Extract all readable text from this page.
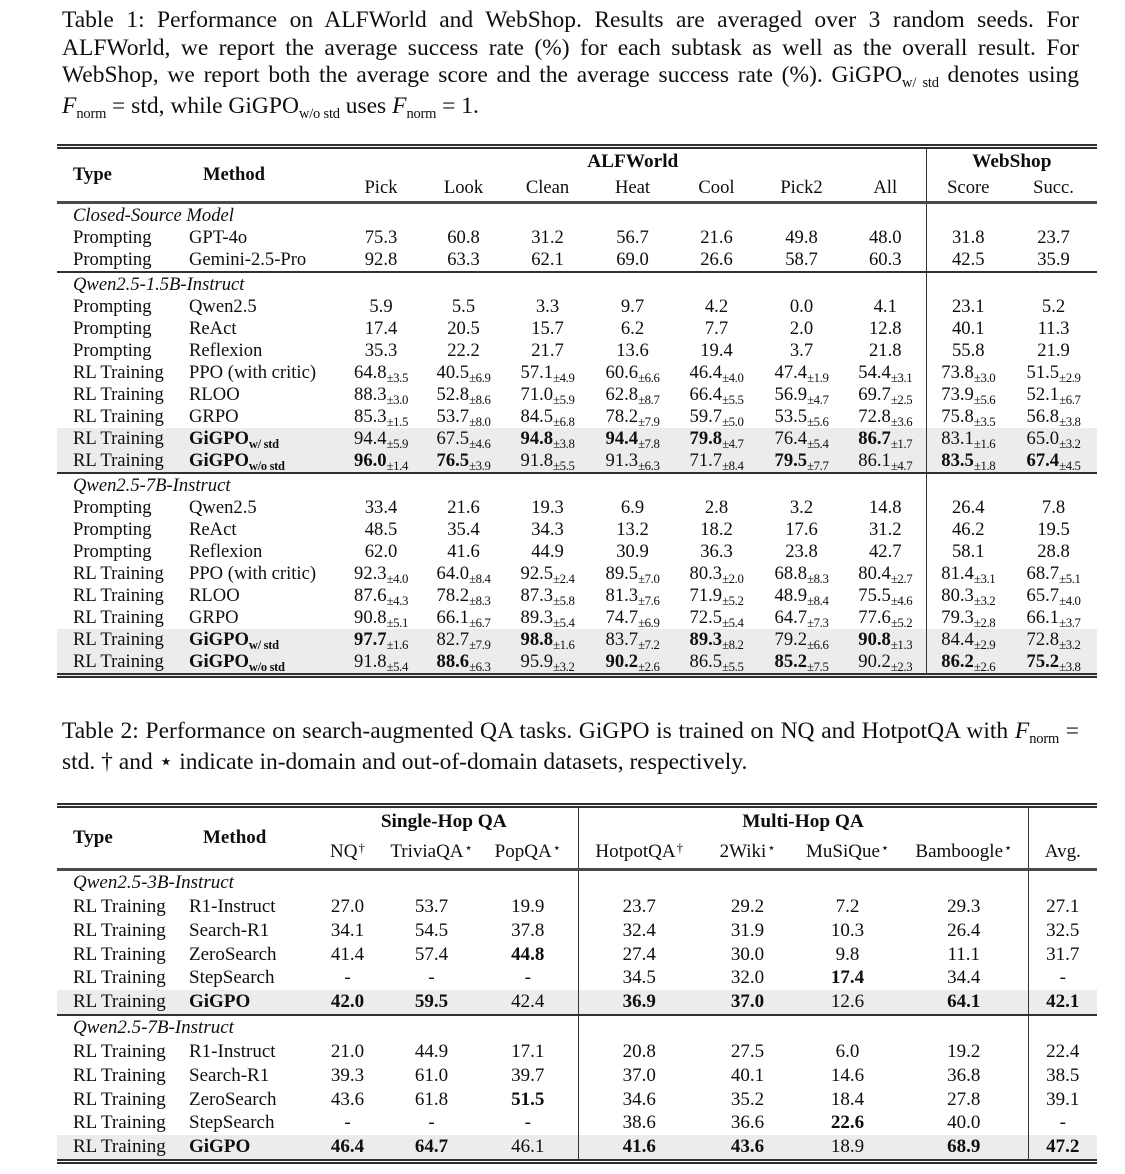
Table 1: Performance on ALFWorld and WebShop. Results are averaged over 3 random seeds. For ALFWorld, we report the average success rate (%) for each subtask as well as the overall result. For WebShop, we report both the average score and the average success rate (%). GiGPO$_{w/ std}$ denotes using $F_{norm}$ = std, while GiGPO$_{w/o std}$ uses $F_{norm} = 1$.

Type	Method	ALFWorld							WebShop	
		Pick	Look	Clean	Heat	Cool	Pick2	All	Score	Succ.
Closed-Source Model										
Prompting	GPT-4o	75.3	60.8	31.2	56.7	21.6	49.8	48.0	31.8	23.7
Prompting	Gemini-2.5-Pro	92.8	63.3	62.1	69.0	26.6	58.7	60.3	42.5	35.9
Qwen2.5-1.5B-Instruct										
Prompting	Qwen2.5	5.9	5.5	3.3	9.7	4.2	0.0	4.1	23.1	5.2
Prompting	ReAct	17.4	20.5	15.7	6.2	7.7	2.0	12.8	40.1	11.3
Prompting	Reflexion	35.3	22.2	21.7	13.6	19.4	3.7	21.8	55.8	21.9
RL Training	PPO (with critic)	$64.8_{\pm 3.5}$	$40.5_{\pm 6.9}$	$57.1_{\pm 4.9}$	$60.6_{\pm 6.6}$	$46.4_{\pm 4.0}$	$47.4_{\pm 1.9}$	$54.4_{\pm 3.1}$	$73.8_{\pm 3.0}$	$51.5_{\pm 2.9}$
RL Training	RLOO	$88.3_{\pm 3.0}$	$52.8_{\pm 8.6}$	$71.0_{\pm 5.9}$	$62.8_{\pm 8.7}$	$66.4_{\pm 5.5}$	$56.9_{\pm 4.7}$	$69.7_{\pm 2.5}$	$73.9_{\pm 5.6}$	$52.1_{\pm 6.7}$
RL Training	GRPO	$85.3_{\pm 1.5}$	$53.7_{\pm 8.0}$	$84.5_{\pm 6.8}$	$78.2_{\pm 7.9}$	$59.7_{\pm 5.0}$	$53.5_{\pm 5.6}$	$72.8_{\pm 3.6}$	$75.8_{\pm 3.5}$	$56.8_{\pm 3.8}$
RL Training	GiGPO$_{w/ std}$	$94.4_{\pm 5.9}$	$67.5_{\pm 4.6}$	$94.8_{\pm 3.8}$	$94.4_{\pm 7.8}$	$79.8_{\pm 4.7}$	$76.4_{\pm 5.4}$	$86.7_{\pm 1.7}$	$83.1_{\pm 1.6}$	$65.0_{\pm 3.2}$
RL Training	GiGPO$_{w/o std}$	$96.0_{\pm 1.4}$	$76.5_{\pm 3.9}$	$91.8_{\pm 5.5}$	$91.3_{\pm 6.3}$	$71.7_{\pm 8.4}$	$79.5_{\pm 7.7}$	$86.1_{\pm 4.7}$	$83.5_{\pm 1.8}$	$67.4_{\pm 4.5}$
Qwen2.5-7B-Instruct										
Prompting	Qwen2.5	33.4	21.6	19.3	6.9	2.8	3.2	14.8	26.4	7.8
Prompting	ReAct	48.5	35.4	34.3	13.2	18.2	17.6	31.2	46.2	19.5
Prompting	Reflexion	62.0	41.6	44.9	30.9	36.3	23.8	42.7	58.1	28.8
RL Training	PPO (with critic)	$92.3_{\pm 4.0}$	$64.0_{\pm 8.4}$	$92.5_{\pm 2.4}$	$89.5_{\pm 7.0}$	$80.3_{\pm 2.0}$	$68.8_{\pm 8.3}$	$80.4_{\pm 2.7}$	$81.4_{\pm 3.1}$	$68.7_{\pm 5.1}$
RL Training	RLOO	$87.6_{\pm 4.3}$	$78.2_{\pm 8.3}$	$87.3_{\pm 5.8}$	$81.3_{\pm 7.6}$	$71.9_{\pm 5.2}$	$48.9_{\pm 8.4}$	$75.5_{\pm 4.6}$	$80.3_{\pm 3.2}$	$65.7_{\pm 4.0}$
RL Training	GRPO	$90.8_{\pm 5.1}$	$66.1_{\pm 6.7}$	$89.3_{\pm 5.4}$	$74.7_{\pm 6.9}$	$72.5_{\pm 5.4}$	$64.7_{\pm 7.3}$	$77.6_{\pm 5.2}$	$79.3_{\pm 2.8}$	$66.1_{\pm 3.7}$
RL Training	GiGPO$_{w/ std}$	$97.7_{\pm 1.6}$	$82.7_{\pm 7.9}$	$98.8_{\pm 1.6}$	$83.7_{\pm 7.2}$	$89.3_{\pm 8.2}$	$79.2_{\pm 6.6}$	$90.8_{\pm 1.3}$	$84.4_{\pm 2.9}$	$72.8_{\pm 3.2}$
RL Training	GiGPO$_{w/o std}$	$91.8_{\pm 5.4}$	$88.6_{\pm 6.3}$	$95.9_{\pm 3.2}$	$90.2_{\pm 2.6}$	$86.5_{\pm 5.5}$	$85.2_{\pm 7.5}$	$90.2_{\pm 2.3}$	$86.2_{\pm 2.6}$	$75.2_{\pm 3.8}$

Table 2: Performance on search-augmented QA tasks. GiGPO is trained on NQ and HotpotQA with $F_{norm}$ = std. † and ⋆ indicate in-domain and out-of-domain datasets, respectively.

Type	Method	Single-Hop QA			Multi-Hop QA				
		NQ†	TriviaQA⋆	PopQA⋆	HotpotQA†	2Wiki⋆	MuSiQue⋆	Bamboogle⋆	Avg.
Qwen2.5-3B-Instruct									
RL Training	R1-Instruct	27.0	53.7	19.9	23.7	29.2	7.2	29.3	27.1
RL Training	Search-R1	34.1	54.5	37.8	32.4	31.9	10.3	26.4	32.5
RL Training	ZeroSearch	41.4	57.4	44.8	27.4	30.0	9.8	11.1	31.7
RL Training	StepSearch	-	-	-	34.5	32.0	17.4	34.4	-
RL Training	GiGPO	42.0	59.5	42.4	36.9	37.0	12.6	64.1	42.1
Qwen2.5-7B-Instruct									
RL Training	R1-Instruct	21.0	44.9	17.1	20.8	27.5	6.0	19.2	22.4
RL Training	Search-R1	39.3	61.0	39.7	37.0	40.1	14.6	36.8	38.5
RL Training	ZeroSearch	43.6	61.8	51.5	34.6	35.2	18.4	27.8	39.1
RL Training	StepSearch	-	-	-	38.6	36.6	22.6	40.0	-
RL Training	GiGPO	46.4	64.7	46.1	41.6	43.6	18.9	68.9	47.2
